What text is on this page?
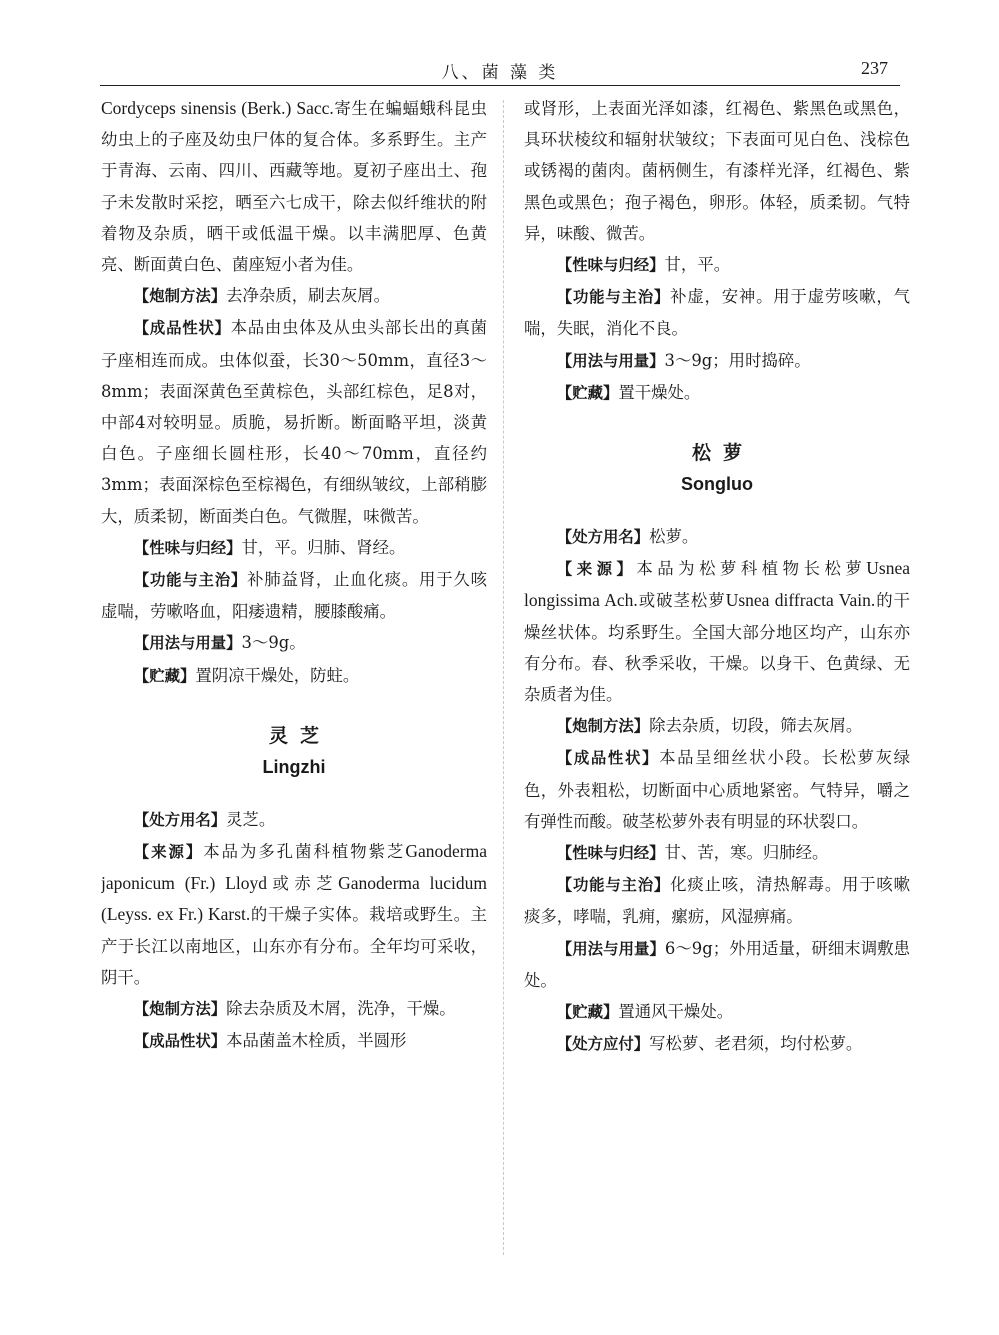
八、菌 藻 类	237

Cordyceps sinensis (Berk.) Sacc.寄生在蝙蝠蛾科昆虫幼虫上的子座及幼虫尸体的复合体。多系野生。主产于青海、云南、四川、西藏等地。夏初子座出土、孢子未发散时采挖，晒至六七成干，除去似纤维状的附着物及杂质，晒干或低温干燥。以丰满肥厚、色黄亮、断面黄白色、菌座短小者为佳。

【炮制方法】去净杂质，刷去灰屑。

【成品性状】本品由虫体及从虫头部长出的真菌子座相连而成。虫体似蚕，长30～50mm，直径3～8mm；表面深黄色至黄棕色，头部红棕色，足8对，中部4对较明显。质脆，易折断。断面略平坦，淡黄白色。子座细长圆柱形，长40～70mm，直径约3mm；表面深棕色至棕褐色，有细纵皱纹，上部稍膨大，质柔韧，断面类白色。气微腥，味微苦。

【性味与归经】甘，平。归肺、肾经。

【功能与主治】补肺益肾，止血化痰。用于久咳虚喘，劳嗽咯血，阳痿遗精，腰膝酸痛。

【用法与用量】3～9g。

【贮藏】置阴凉干燥处，防蛀。

灵芝

Lingzhi

【处方用名】灵芝。

【来源】本品为多孔菌科植物紫芝Ganoderma japonicum (Fr.) Lloyd或赤芝Ganoderma lucidum (Leyss. ex Fr.) Karst.的干燥子实体。栽培或野生。主产于长江以南地区，山东亦有分布。全年均可采收，阴干。

【炮制方法】除去杂质及木屑，洗净，干燥。

【成品性状】本品菌盖木栓质，半圆形

或肾形，上表面光泽如漆，红褐色、紫黑色或黑色，具环状棱纹和辐射状皱纹；下表面可见白色、浅棕色或锈褐的菌肉。菌柄侧生，有漆样光泽，红褐色、紫黑色或黑色；孢子褐色，卵形。体轻，质柔韧。气特异，味酸、微苦。

【性味与归经】甘，平。

【功能与主治】补虚，安神。用于虚劳咳嗽，气喘，失眠，消化不良。

【用法与用量】3～9g；用时捣碎。

【贮藏】置干燥处。

松萝

Songluo

【处方用名】松萝。

【来源】本品为松萝科植物长松萝Usnea longissima Ach.或破茎松萝Usnea diffracta Vain.的干燥丝状体。均系野生。全国大部分地区均产，山东亦有分布。春、秋季采收，干燥。以身干、色黄绿、无杂质者为佳。

【炮制方法】除去杂质，切段，筛去灰屑。

【成品性状】本品呈细丝状小段。长松萝灰绿色，外表粗松，切断面中心质地紧密。气特异，嚼之有弹性而酸。破茎松萝外表有明显的环状裂口。

【性味与归经】甘、苦，寒。归肺经。

【功能与主治】化痰止咳，清热解毒。用于咳嗽痰多，哮喘，乳痈，瘰疬，风湿痹痛。

【用法与用量】6～9g；外用适量，研细末调敷患处。

【贮藏】置通风干燥处。

【处方应付】写松萝、老君须，均付松萝。
